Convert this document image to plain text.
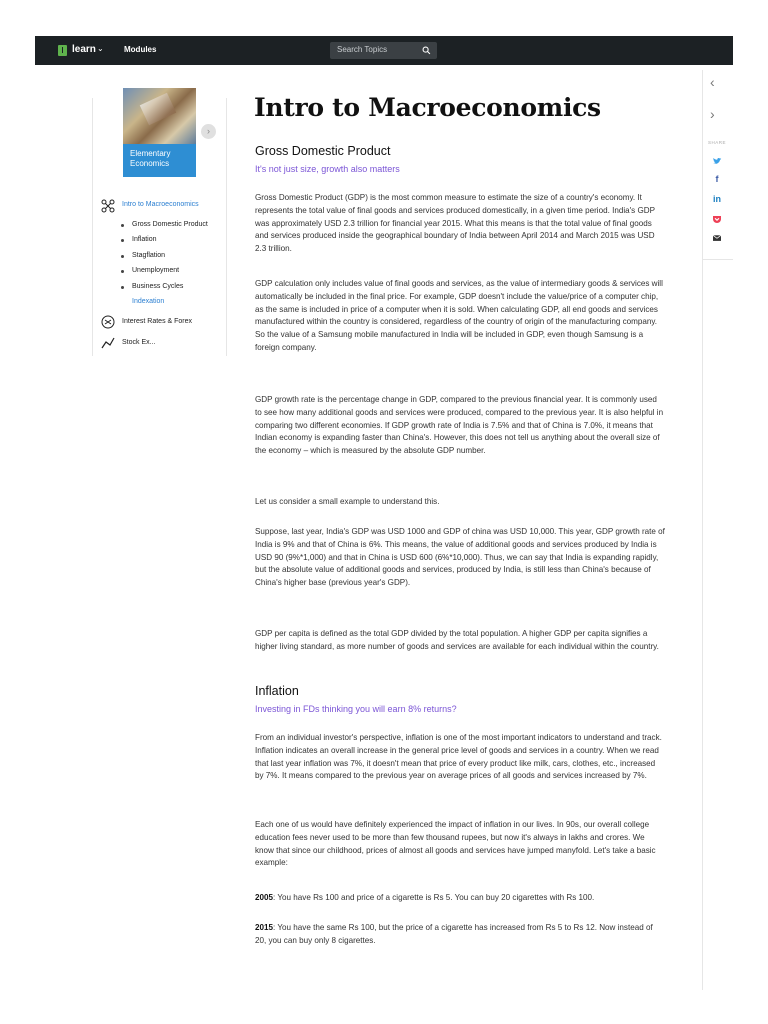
learn ⌄	Modules	Search Topics
Elementary Economics
›
Intro to Macroeconomics
Gross Domestic Product
Inflation
Stagflation
Unemployment
Business Cycles
Indexation
Interest Rates & Forex
Stock Ex...
Intro to Macroeconomics
Gross Domestic Product
It's not just size, growth also matters

Gross Domestic Product (GDP) is the most common measure to estimate the size of a country's economy. It represents the total value of final goods and services produced domestically, in a given time period. India's GDP was approximately USD 2.3 trillion for financial year 2015. What this means is that the total value of final goods and services produced inside the geographical boundary of India between April 2014 and March 2015 was USD 2.3 trillion.

GDP calculation only includes value of final goods and services, as the value of intermediary goods & services will automatically be included in the final price. For example, GDP doesn't include the value/price of a computer chip, as the same is included in price of a computer when it is sold. When calculating GDP, all end goods and services manufactured within the country is considered, regardless of the country of origin of the manufacturing company. So the value of a Samsung mobile manufactured in India will be included in GDP, even though Samsung is a foreign company.

GDP growth rate is the percentage change in GDP, compared to the previous financial year. It is commonly used to see how many additional goods and services were produced, compared to the previous year. It is also helpful in comparing two different economies. If GDP growth rate of India is 7.5% and that of China is 7.0%, it means that Indian economy is expanding faster than China's. However, this does not tell us anything about the overall size of the economy – which is measured by the absolute GDP number.

Let us consider a small example to understand this.

Suppose, last year, India's GDP was USD 1000 and GDP of china was USD 10,000. This year, GDP growth rate of India is 9% and that of China is 6%. This means, the value of additional goods and services produced by India is USD 90 (9%*1,000) and that in China is USD 600 (6%*10,000). Thus, we can say that India is expanding rapidly, but the absolute value of additional goods and services, produced by India, is still less than China's because of China's higher base (previous year's GDP).

GDP per capita is defined as the total GDP divided by the total population. A higher GDP per capita signifies a higher living standard, as more number of goods and services are available for each individual within the country.

Inflation
Investing in FDs thinking you will earn 8% returns?

From an individual investor's perspective, inflation is one of the most important indicators to understand and track. Inflation indicates an overall increase in the general price level of goods and services in a country. When we read that last year inflation was 7%, it doesn't mean that price of every product like milk, cars, clothes, etc., increased by 7%. It means compared to the previous year on average prices of all goods and services increased by 7%.

Each one of us would have definitely experienced the impact of inflation in our lives. In 90s, our overall college education fees never used to be more than few thousand rupees, but now it's always in lakhs and crores. We know that since our childhood, prices of almost all goods and services have jumped manyfold. Let's take a basic example:

2005: You have Rs 100 and price of a cigarette is Rs 5. You can buy 20 cigarettes with Rs 100.

2015: You have the same Rs 100, but the price of a cigarette has increased from Rs 5 to Rs 12. Now instead of 20, you can buy only 8 cigarettes.

‹
›
SHARE
f
in
